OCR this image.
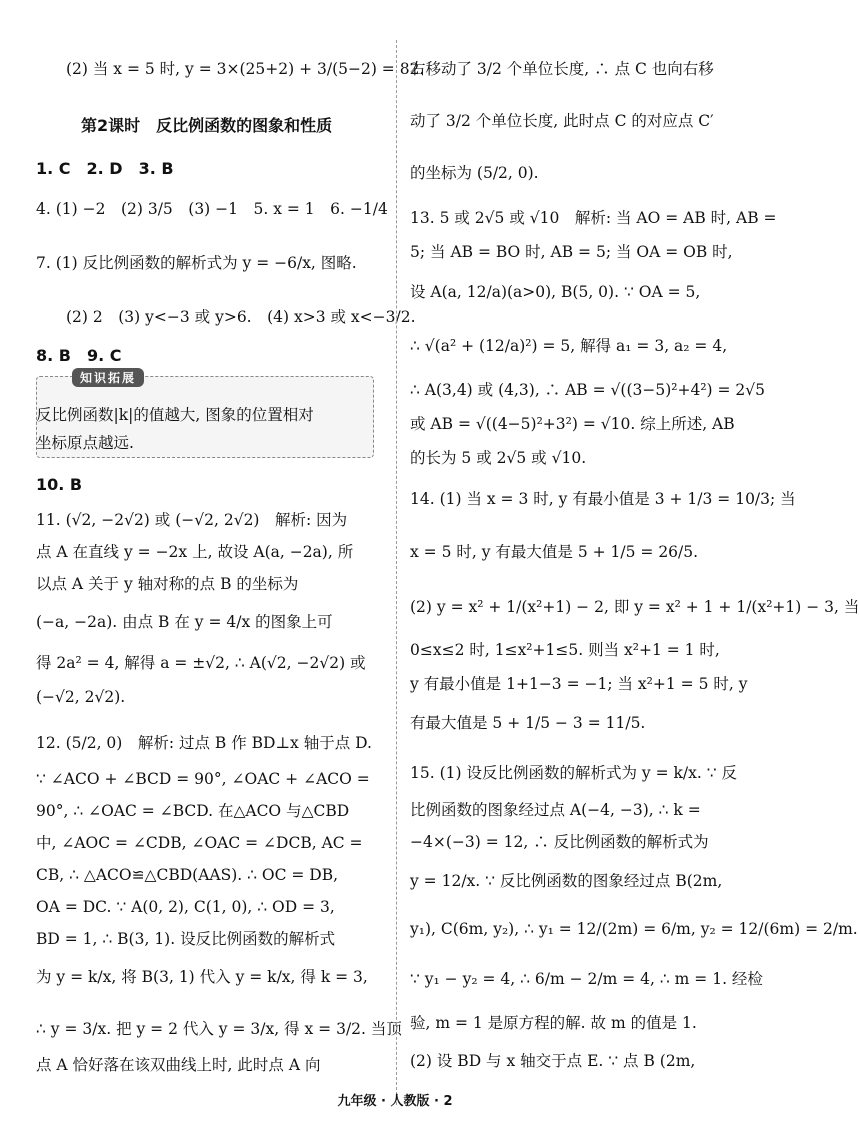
知识拓展
(2) 当 x = 5 时, y = 3×(25+2) + 3/(5−2) = 82.
第2课时　反比例函数的图象和性质
1. C　2. D　3. B
4. (1) −2　(2) 3/5　(3) −1　5. x = 1　6. −1/4
7. (1) 反比例函数的解析式为 y = −6/x, 图略.
(2) 2　(3) y<−3 或 y>6.　(4) x>3 或 x<−3/2.
8. B　9. C
反比例函数|k|的值越大, 图象的位置相对
坐标原点越远.
10. B
11. (√2, −2√2) 或 (−√2, 2√2)　解析: 因为
点 A 在直线 y = −2x 上, 故设 A(a, −2a), 所
以点 A 关于 y 轴对称的点 B 的坐标为
(−a, −2a). 由点 B 在 y = 4/x 的图象上可
得 2a² = 4, 解得 a = ±√2, ∴ A(√2, −2√2) 或
(−√2, 2√2).
12. (5/2, 0)　解析: 过点 B 作 BD⊥x 轴于点 D.
∵ ∠ACO + ∠BCD = 90°, ∠OAC + ∠ACO =
90°, ∴ ∠OAC = ∠BCD. 在△ACO 与△CBD
中, ∠AOC = ∠CDB, ∠OAC = ∠DCB, AC =
CB, ∴ △ACO≌△CBD(AAS). ∴ OC = DB,
OA = DC. ∵ A(0, 2), C(1, 0), ∴ OD = 3,
BD = 1, ∴ B(3, 1). 设反比例函数的解析式
为 y = k/x, 将 B(3, 1) 代入 y = k/x, 得 k = 3,
∴ y = 3/x. 把 y = 2 代入 y = 3/x, 得 x = 3/2. 当顶
点 A 恰好落在该双曲线上时, 此时点 A 向
右移动了 3/2 个单位长度, ∴ 点 C 也向右移
动了 3/2 个单位长度, 此时点 C 的对应点 C′
的坐标为 (5/2, 0).
13. 5 或 2√5 或 √10　解析: 当 AO = AB 时, AB =
5; 当 AB = BO 时, AB = 5; 当 OA = OB 时,
设 A(a, 12/a)(a>0), B(5, 0). ∵ OA = 5,
∴ √(a² + (12/a)²) = 5, 解得 a₁ = 3, a₂ = 4,
∴ A(3,4) 或 (4,3), ∴ AB = √((3−5)²+4²) = 2√5
或 AB = √((4−5)²+3²) = √10. 综上所述, AB
的长为 5 或 2√5 或 √10.
14. (1) 当 x = 3 时, y 有最小值是 3 + 1/3 = 10/3; 当
x = 5 时, y 有最大值是 5 + 1/5 = 26/5.
(2) y = x² + 1/(x²+1) − 2, 即 y = x² + 1 + 1/(x²+1) − 3, 当
0≤x≤2 时, 1≤x²+1≤5. 则当 x²+1 = 1 时,
y 有最小值是 1+1−3 = −1; 当 x²+1 = 5 时, y
有最大值是 5 + 1/5 − 3 = 11/5.
15. (1) 设反比例函数的解析式为 y = k/x. ∵ 反
比例函数的图象经过点 A(−4, −3), ∴ k =
−4×(−3) = 12, ∴ 反比例函数的解析式为
y = 12/x. ∵ 反比例函数的图象经过点 B(2m,
y₁), C(6m, y₂), ∴ y₁ = 12/(2m) = 6/m, y₂ = 12/(6m) = 2/m.
∵ y₁ − y₂ = 4, ∴ 6/m − 2/m = 4, ∴ m = 1. 经检
验, m = 1 是原方程的解. 故 m 的值是 1.
(2) 设 BD 与 x 轴交于点 E. ∵ 点 B (2m,
九年级 · 人教版 · 2
